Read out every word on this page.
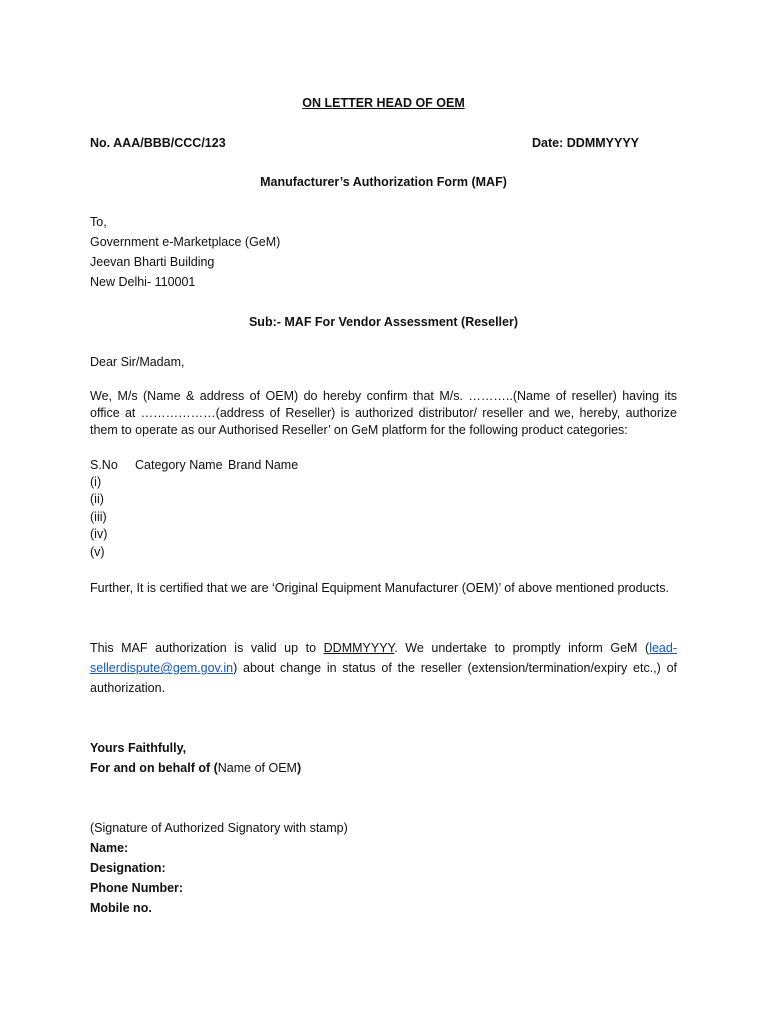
ON LETTER HEAD OF OEM
No. AAA/BBB/CCC/123	Date: DDMMYYYY
Manufacturer’s Authorization Form (MAF)
To,
Government e-Marketplace (GeM)
Jeevan Bharti Building
New Delhi- 110001
Sub:- MAF For Vendor Assessment (Reseller)
Dear Sir/Madam,
We, M/s (Name & address of OEM) do hereby confirm that M/s. ………..(Name of reseller) having its office at ………………(address of Reseller) is authorized distributor/ reseller and we, hereby, authorize them to operate as our Authorised Reseller’ on GeM platform for the following product categories:
S.No	Category Name Brand Name
(i)
(ii)
(iii)
(iv)
(v)
Further, It is certified that we are ‘Original Equipment Manufacturer (OEM)’ of above mentioned products.
This MAF authorization is valid up to DDMMYYYY. We undertake to promptly inform GeM (lead-sellerdispute@gem.gov.in) about change in status of the reseller (extension/termination/expiry etc.,) of authorization.
Yours Faithfully,
For and on behalf of (Name of OEM)
(Signature of Authorized Signatory with stamp)
Name:
Designation:
Phone Number:
Mobile no.
